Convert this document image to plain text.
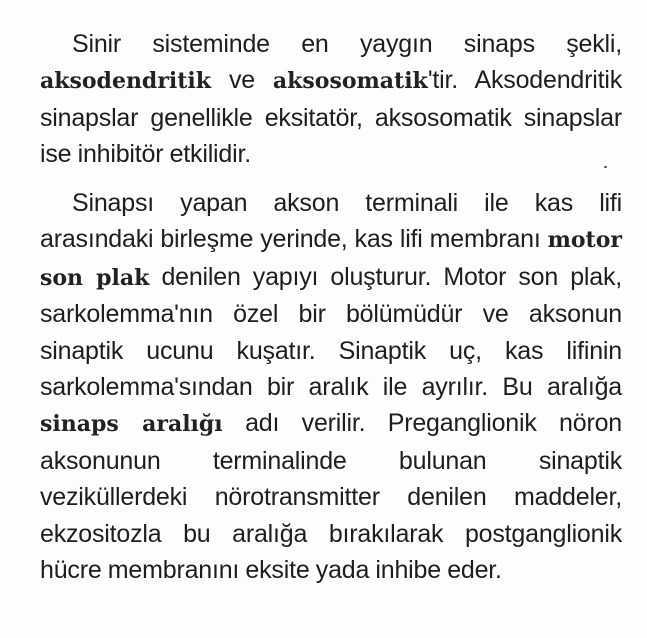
Sinir sisteminde en yaygın sinaps şekli, aksodendritik ve aksosomatik'tir. Aksodendritik sinapslar genellikle eksitatör, aksosomatik sinapslar ise inhibitör etkilidir.

Sinapsı yapan akson terminali ile kas lifi arasındaki birleşme yerinde, kas lifi membranı motor son plak denilen yapıyı oluşturur. Motor son plak, sarkolemma'nın özel bir bölümüdür ve aksonun sinaptik ucunu kuşatır. Sinaptik uç, kas lifinin sarkolemma'sından bir aralık ile ayrılır. Bu aralığa sinaps aralığı adı verilir. Preganglionik nöron aksonunun terminalinde bulunan sinaptik veziküllerdeki nörotransmitter denilen maddeler, ekzositozla bu aralığa bırakılarak postganglionik hücre membranını eksite yada inhibe eder.
